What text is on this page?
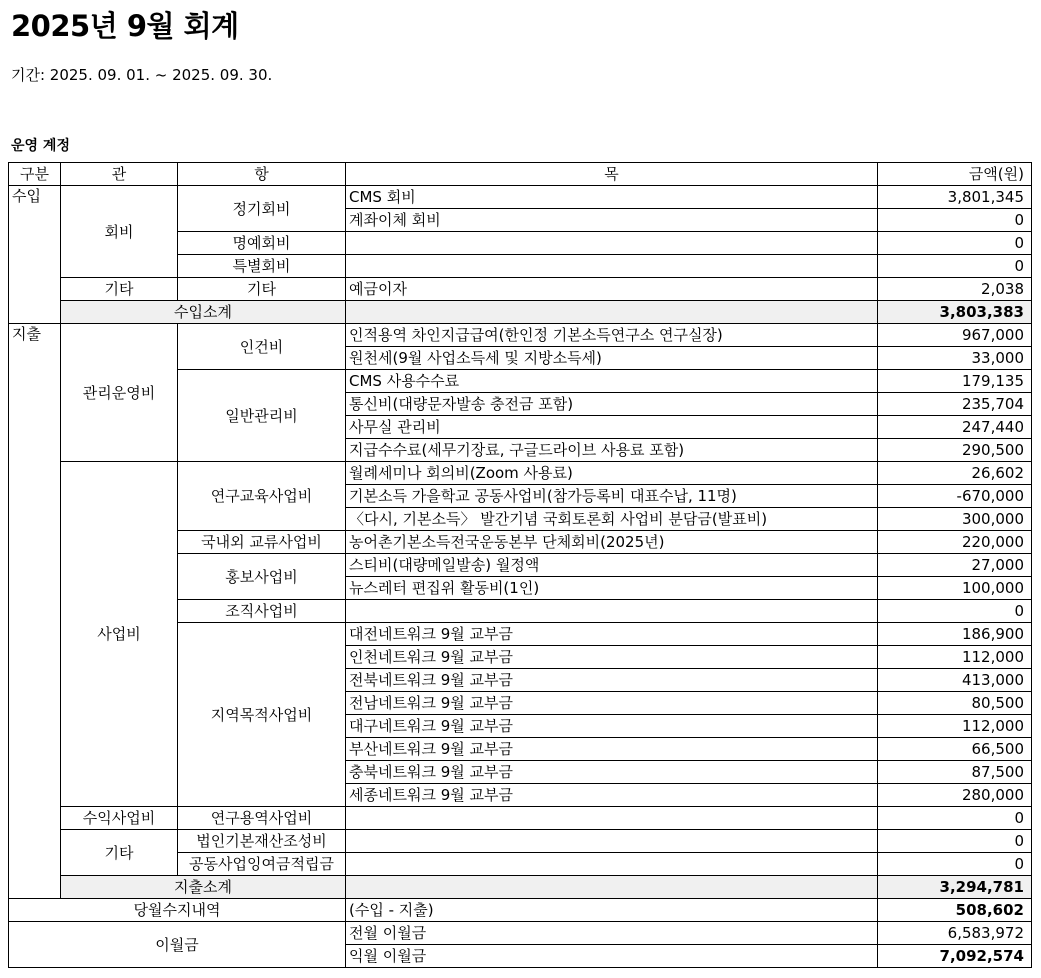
2025년 9월 회계
기간: 2025. 09. 01. ~ 2025. 09. 30.
운영 계정
구분	관	항	목	금액(원)
수입	회비	정기회비	CMS 회비	3,801,345
			계좌이체 회비	0
		명예회비		0
		특별회비		0
	기타	기타	예금이자	2,038
	수입소계			3,803,383
지출	관리운영비	인건비	인적용역 차인지급급여(한인정 기본소득연구소 연구실장)	967,000
			원천세(9월 사업소득세 및 지방소득세)	33,000
		일반관리비	CMS 사용수수료	179,135
			통신비(대량문자발송 충전금 포함)	235,704
			사무실 관리비	247,440
			지급수수료(세무기장료, 구글드라이브 사용료 포함)	290,500
	사업비	연구교육사업비	월례세미나 회의비(Zoom 사용료)	26,602
			기본소득 가을학교 공동사업비(참가등록비 대표수납, 11명)	-670,000
			〈다시, 기본소득〉 발간기념 국회토론회 사업비 분담금(발표비)	300,000
		국내외 교류사업비	농어촌기본소득전국운동본부 단체회비(2025년)	220,000
		홍보사업비	스티비(대량메일발송) 월정액	27,000
			뉴스레터 편집위 활동비(1인)	100,000
		조직사업비		0
		지역목적사업비	대전네트워크 9월 교부금	186,900
			인천네트워크 9월 교부금	112,000
			전북네트워크 9월 교부금	413,000
			전남네트워크 9월 교부금	80,500
			대구네트워크 9월 교부금	112,000
			부산네트워크 9월 교부금	66,500
			충북네트워크 9월 교부금	87,500
			세종네트워크 9월 교부금	280,000
	수익사업비	연구용역사업비		0
	기타	법인기본재산조성비		0
		공동사업잉여금적립금		0
	지출소계			3,294,781
당월수지내역			(수입 - 지출)	508,602
이월금			전월 이월금	6,583,972
			익월 이월금	7,092,574
